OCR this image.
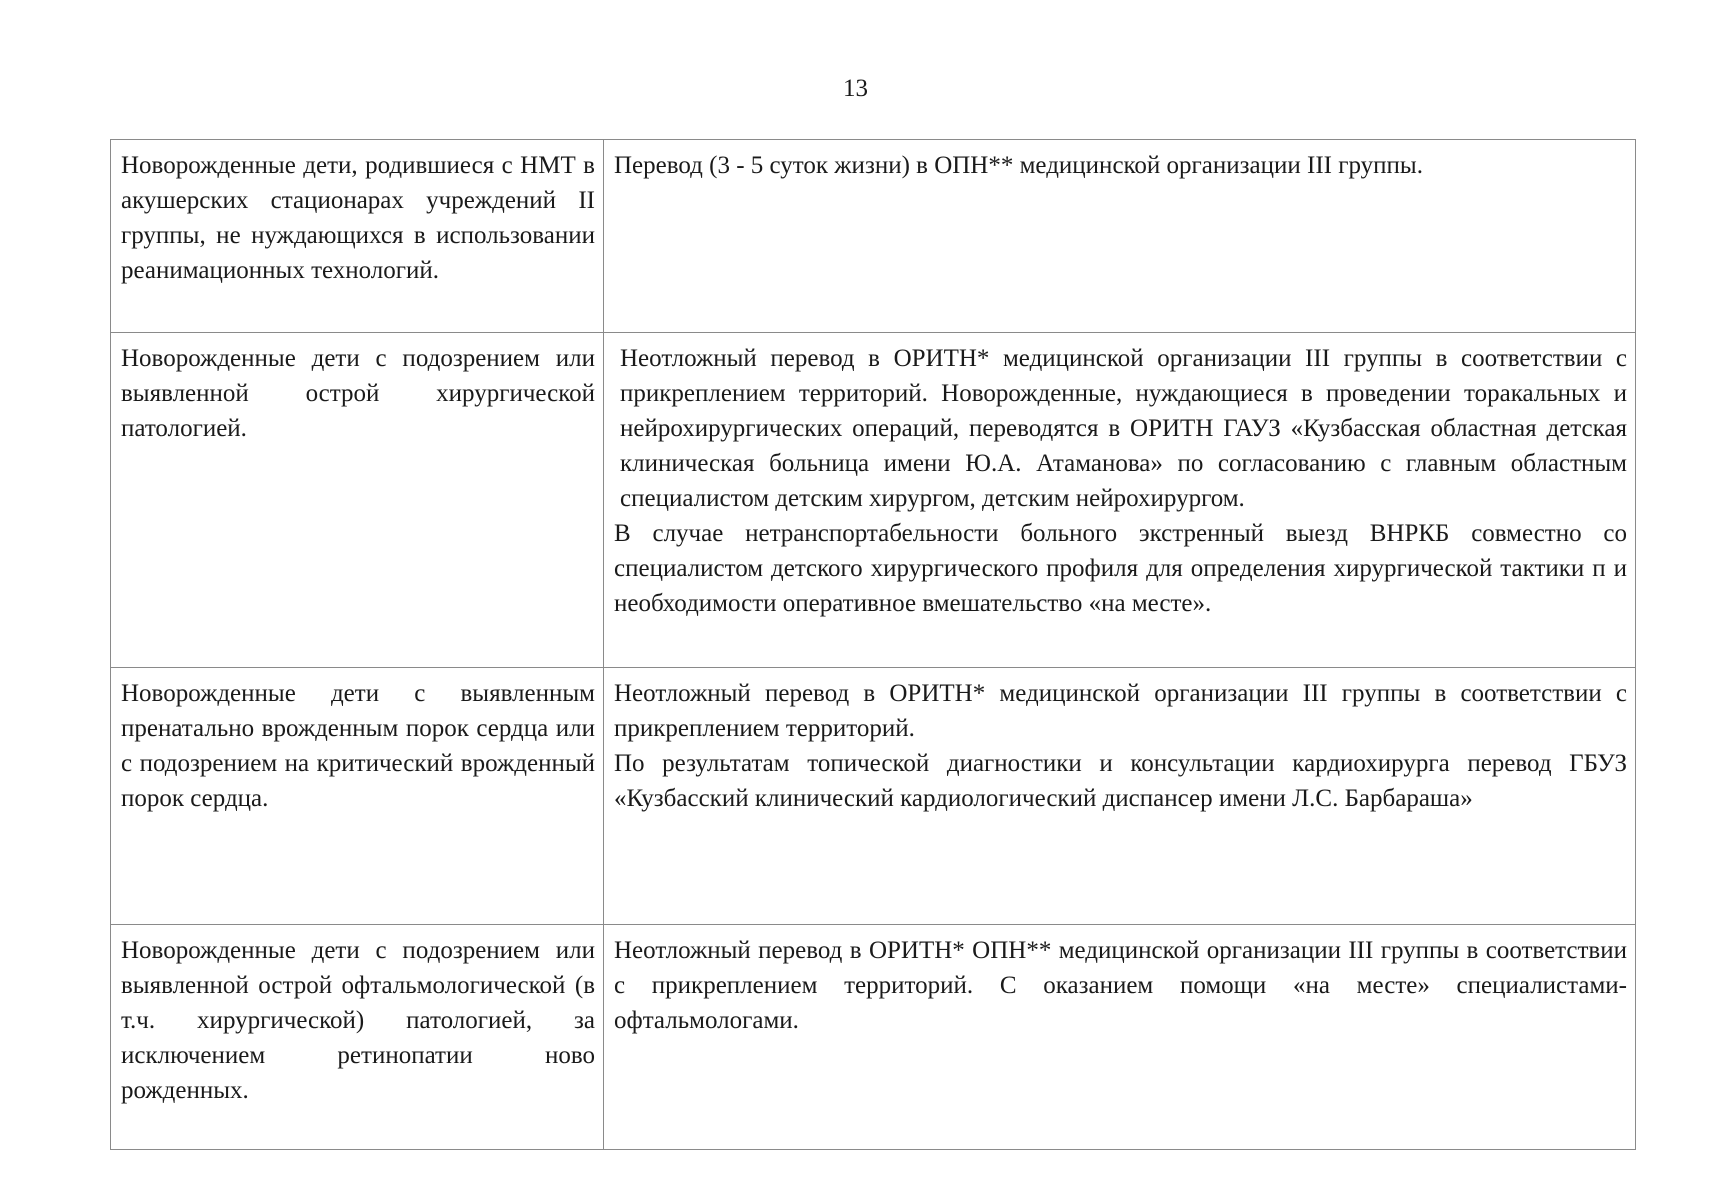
13

Новорожденные дети, родившиеся с НМТ в акушерских стационарах учреждений II группы, не нуждающихся в использовании реанимационных технологий.	Перевод (3 - 5 суток жизни) в ОПН** медицинской организации III группы.

Новорожденные дети с подозрением или выявленной острой хирургической патологией.	Неотложный перевод в ОРИТН* медицинской организации III группы в соответствии с прикреплением территорий. Новорожденные, нуждающиеся в проведении торакальных и нейрохирургических операций, переводятся в ОРИТН ГАУЗ «Кузбасская областная детская клиническая больница имени Ю.А. Атаманова» по согласованию с главным областным специалистом детским хирургом, детским нейрохирургом.

В случае нетранспортабельности больного экстренный выезд ВНРКБ совместно со специалистом детского хирургического профиля для определения хирургической тактики п и необходимости оперативное вмешательство «на месте».

Новорожденные дети с выявленным пренатально врожденным порок сердца или с подозрением на критический врожденный порок сердца.	Неотложный перевод в ОРИТН* медицинской организации III группы в соответствии с прикреплением территорий.

По результатам топической диагностики и консультации кардиохирурга перевод ГБУЗ «Кузбасский клинический кардиологический диспансер имени Л.С. Барбараша»

Новорожденные дети с подозрением или выявленной острой офтальмологической (в т.ч. хирургической) патологией, за исключением ретинопатии ново рожденных.	Неотложный перевод в ОРИТН* ОПН** медицинской организации III группы в соответствии с прикреплением территорий. С оказанием помощи «на месте» специалистами-офтальмологами.
